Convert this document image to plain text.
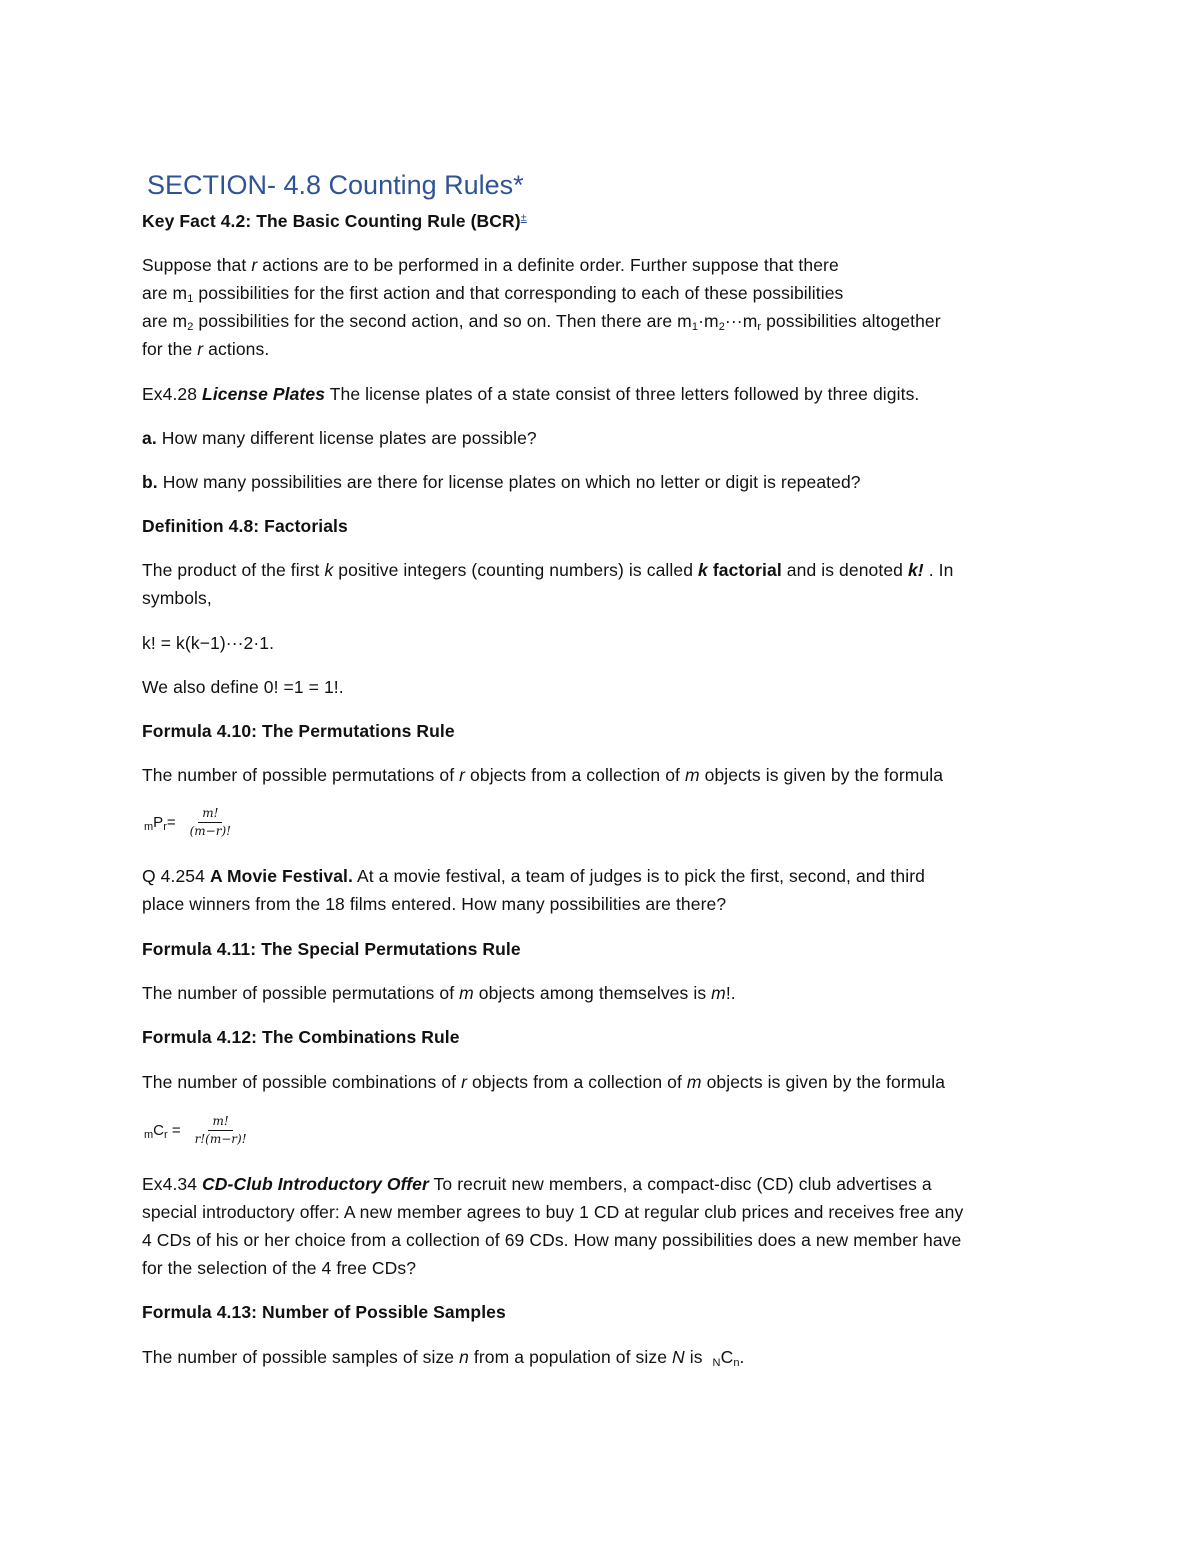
SECTION- 4.8 Counting Rules*
Key Fact 4.2: The Basic Counting Rule (BCR)±
Suppose that r actions are to be performed in a definite order. Further suppose that there
are $m_1$ possibilities for the first action and that corresponding to each of these possibilities
are $m_2$ possibilities for the second action, and so on. Then there are $m_1\cdot m_2\cdot\cdot\cdot m_r$ possibilities altogether
for the r actions.
Ex4.28 License Plates The license plates of a state consist of three letters followed by three digits.
a. How many different license plates are possible?
b. How many possibilities are there for license plates on which no letter or digit is repeated?
Definition 4.8: Factorials
The product of the first k positive integers (counting numbers) is called k factorial and is denoted k! . In
symbols,
k! = k(k−1)···2·1.
We also define 0! =1 = 1!.
Formula 4.10: The Permutations Rule
The number of possible permutations of r objects from a collection of m objects is given by the formula
$_mP_r= \frac{m!}{(m-r)!}$
Q 4.254 A Movie Festival. At a movie festival, a team of judges is to pick the first, second, and third
place winners from the 18 films entered. How many possibilities are there?
Formula 4.11: The Special Permutations Rule
The number of possible permutations of m objects among themselves is m!.
Formula 4.12: The Combinations Rule
The number of possible combinations of r objects from a collection of m objects is given by the formula
$_mC_r = \frac{m!}{r!(m-r)!}$
Ex4.34 CD-Club Introductory Offer To recruit new members, a compact-disc (CD) club advertises a
special introductory offer: A new member agrees to buy 1 CD at regular club prices and receives free any
4 CDs of his or her choice from a collection of 69 CDs. How many possibilities does a new member have
for the selection of the 4 free CDs?
Formula 4.13: Number of Possible Samples
The number of possible samples of size n from a population of size N is  $_NC_n$.
